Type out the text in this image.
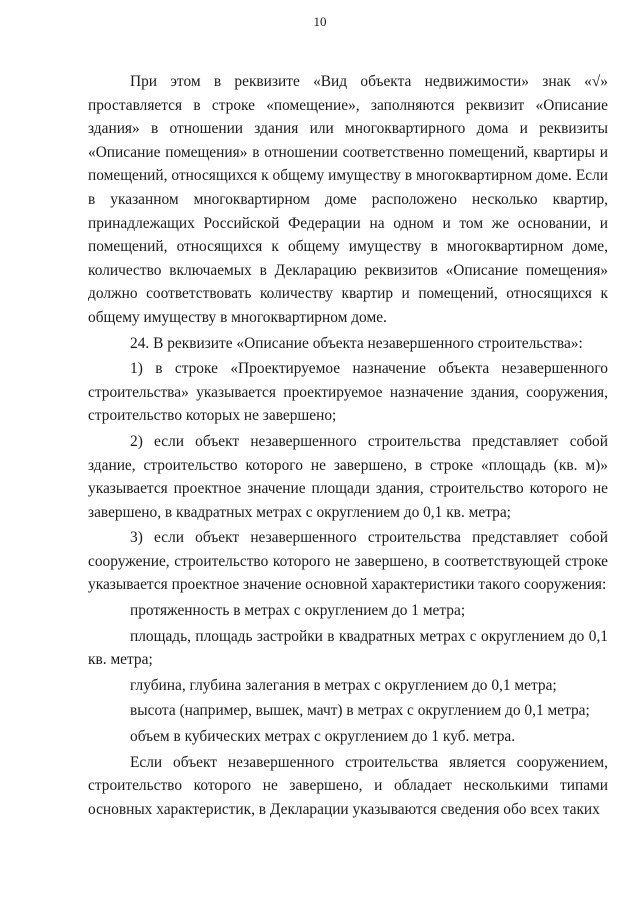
10

При этом в реквизите «Вид объекта недвижимости» знак «√» проставляется в строке «помещение», заполняются реквизит «Описание здания» в отношении здания или многоквартирного дома и реквизиты «Описание помещения» в отношении соответственно помещений, квартиры и помещений, относящихся к общему имуществу в многоквартирном доме. Если в указанном многоквартирном доме расположено несколько квартир, принадлежащих Российской Федерации на одном и том же основании, и помещений, относящихся к общему имуществу в многоквартирном доме, количество включаемых в Декларацию реквизитов «Описание помещения» должно соответствовать количеству квартир и помещений, относящихся к общему имуществу в многоквартирном доме.

24. В реквизите «Описание объекта незавершенного строительства»:

1) в строке «Проектируемое назначение объекта незавершенного строительства» указывается проектируемое назначение здания, сооружения, строительство которых не завершено;

2) если объект незавершенного строительства представляет собой здание, строительство которого не завершено, в строке «площадь (кв. м)» указывается проектное значение площади здания, строительство которого не завершено, в квадратных метрах с округлением до 0,1 кв. метра;

3) если объект незавершенного строительства представляет собой сооружение, строительство которого не завершено, в соответствующей строке указывается проектное значение основной характеристики такого сооружения:

протяженность в метрах с округлением до 1 метра;

площадь, площадь застройки в квадратных метрах с округлением до 0,1 кв. метра;

глубина, глубина залегания в метрах с округлением до 0,1 метра;

высота (например, вышек, мачт) в метрах с округлением до 0,1 метра;

объем в кубических метрах с округлением до 1 куб. метра.

Если объект незавершенного строительства является сооружением, строительство которого не завершено, и обладает несколькими типами основных характеристик, в Декларации указываются сведения обо всех таких
